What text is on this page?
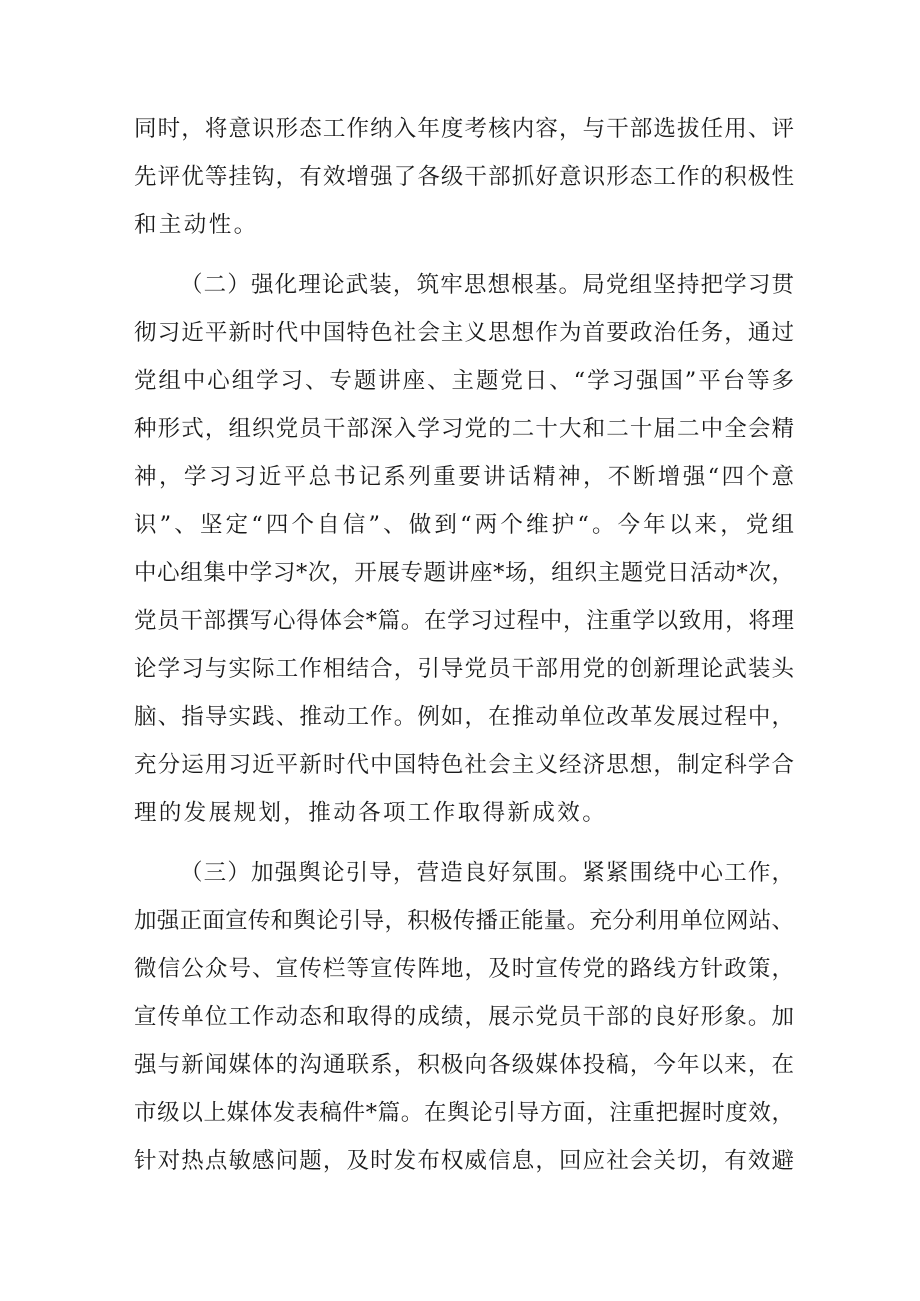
同时，将意识形态工作纳入年度考核内容，与干部选拔任用、评
先评优等挂钩，有效增强了各级干部抓好意识形态工作的积极性
和主动性。
（二）强化理论武装，筑牢思想根基。局党组坚持把学习贯
彻习近平新时代中国特色社会主义思想作为首要政治任务，通过
党组中心组学习、专题讲座、主题党日、“学习强国”平台等多
种形式，组织党员干部深入学习党的二十大和二十届二中全会精
神，学习习近平总书记系列重要讲话精神，不断增强“四个意
识”、坚定“四个自信”、做到“两个维护“。今年以来，党组
中心组集中学习*次，开展专题讲座*场，组织主题党日活动*次，
党员干部撰写心得体会*篇。在学习过程中，注重学以致用，将理
论学习与实际工作相结合，引导党员干部用党的创新理论武装头
脑、指导实践、推动工作。例如，在推动单位改革发展过程中，
充分运用习近平新时代中国特色社会主义经济思想，制定科学合
理的发展规划，推动各项工作取得新成效。
（三）加强舆论引导，营造良好氛围。紧紧围绕中心工作，
加强正面宣传和舆论引导，积极传播正能量。充分利用单位网站、
微信公众号、宣传栏等宣传阵地，及时宣传党的路线方针政策，
宣传单位工作动态和取得的成绩，展示党员干部的良好形象。加
强与新闻媒体的沟通联系，积极向各级媒体投稿，今年以来，在
市级以上媒体发表稿件*篇。在舆论引导方面，注重把握时度效，
针对热点敏感问题，及时发布权威信息，回应社会关切，有效避
